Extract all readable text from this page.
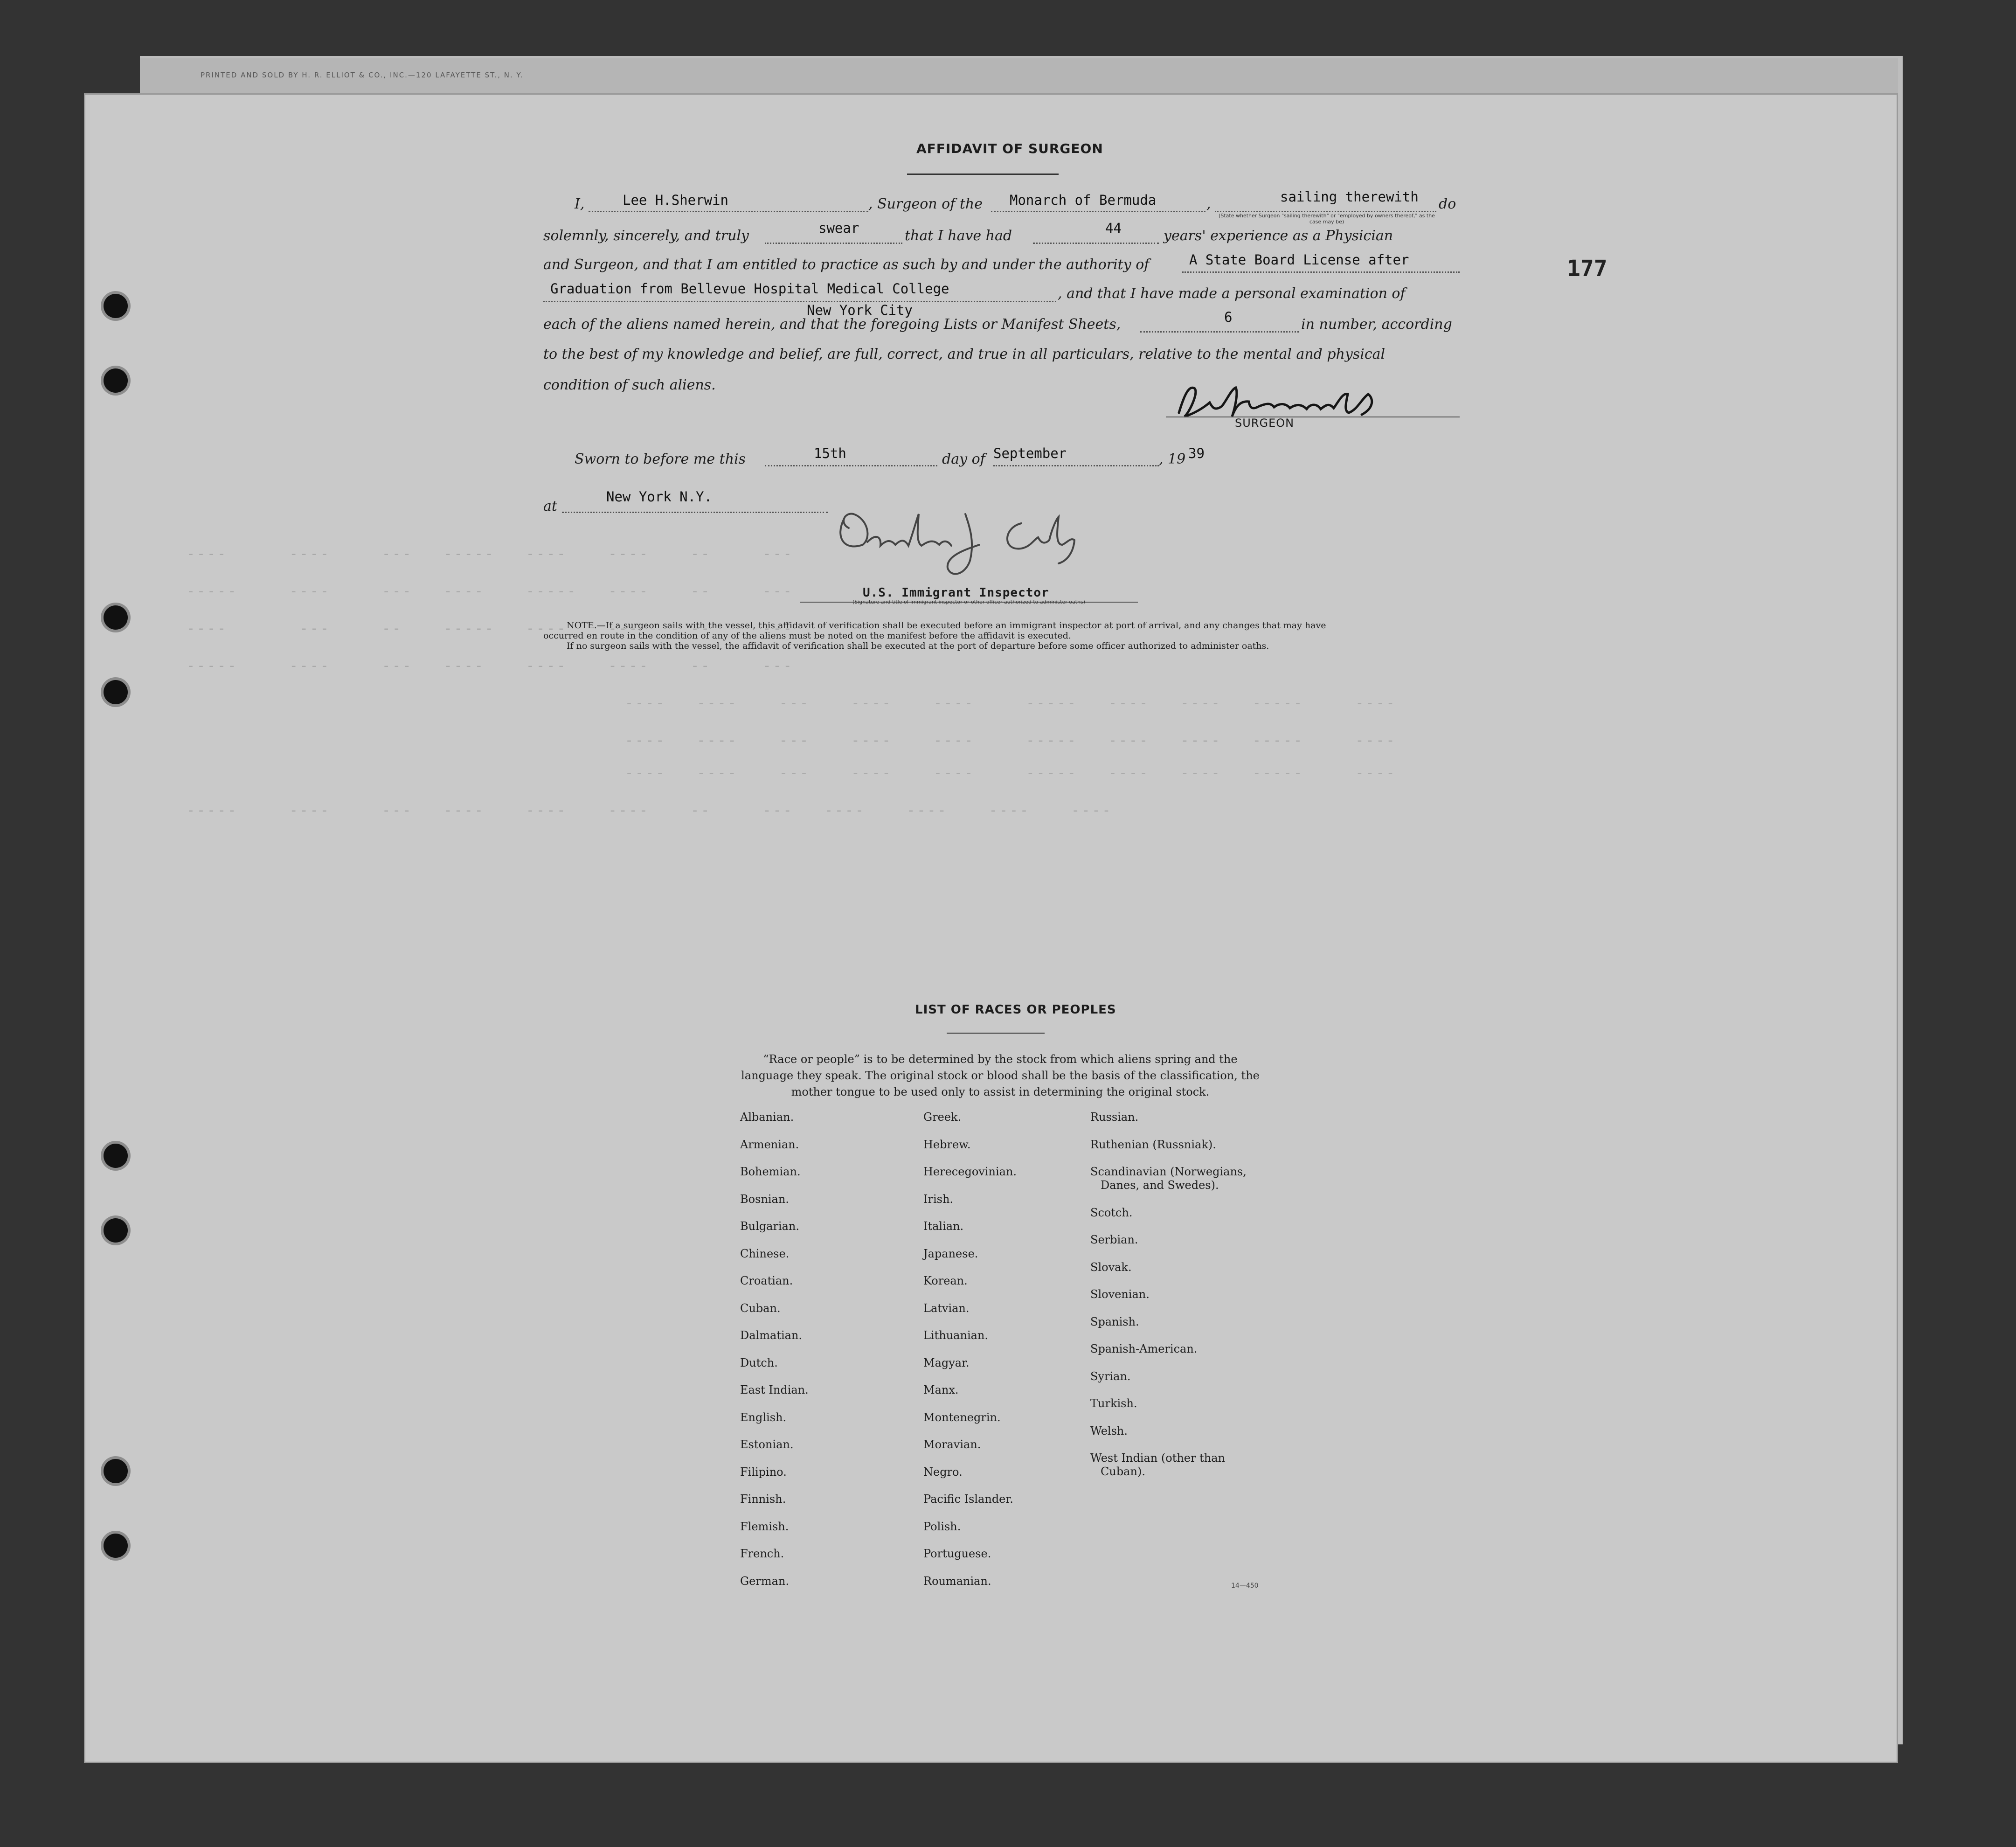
PRINTED AND SOLD BY H. R. ELLIOT & CO., INC.—120 LAFAYETTE ST., N. Y.
----      ----     ---   -----   ----    ----    --     ---
-----     ----     ---   ----    -----   ----    --     ---
----       ---     --    -----   ----    ---     --     ---
-----     ----     ---   ----    ----    ----    --     ---
----   ----    ---    ----    ----     -----   ----   ----   -----     ----
----   ----    ---    ----    ----     -----   ----   ----   -----     ----
----   ----    ---    ----    ----     -----   ----   ----   -----     ----
-----     ----     ---   ----    ----    ----    --     ---   ----    ----    ----    ----
177
AFFIDAVIT OF SURGEON
I,	Lee H.Sherwin	, Surgeon of the Monarch of Bermuda	,	sailing therewith do
(State whether Surgeon "sailing therewith" or "employed by owners thereof," as the case may be)
solemnly, sincerely, and truly	swear	that I have had	44	years' experience as a Physician
and Surgeon, and that I am entitled to practice as such by and under the authority of	A State Board License after
Graduation from Bellevue Hospital Medical College	, and that I have made a personal examination of
New York City
each of the aliens named herein, and that the foregoing Lists or Manifest Sheets,	6	in number, according
to the best of my knowledge and belief, are full, correct, and true in all particulars, relative to the mental and physical
condition of such aliens.
SURGEON
Sworn to before me this	15th	day of September	, 19 39
at
New York N.Y.
U.S. Immigrant Inspector
(Signature and title of immigrant inspector or other officer authorized to administer oaths)
NOTE.—If a surgeon sails with the vessel, this affidavit of verification shall be executed before an immigrant inspector at port of arrival, and any changes that may have
occurred en route in the condition of any of the aliens must be noted on the manifest before the affidavit is executed.
If no surgeon sails with the vessel, the affidavit of verification shall be executed at the port of departure before some officer authorized to administer oaths.
LIST OF RACES OR PEOPLES
“Race or people” is to be determined by the stock from which aliens spring and the language they speak. The original stock or blood shall be the basis of the classification, the mother tongue to be used only to assist in determining the original stock.
Albanian.
Armenian.
Bohemian.
Bosnian.
Bulgarian.
Chinese.
Croatian.
Cuban.
Dalmatian.
Dutch.
East Indian.
English.
Estonian.
Filipino.
Finnish.
Flemish.
French.
German.
Greek.
Hebrew.
Herecegovinian.
Irish.
Italian.
Japanese.
Korean.
Latvian.
Lithuanian.
Magyar.
Manx.
Montenegrin.
Moravian.
Negro.
Pacific Islander.
Polish.
Portuguese.
Roumanian.
Russian.
Ruthenian (Russniak).
Scandinavian (Norwegians,
Danes, and Swedes).
Scotch.
Serbian.
Slovak.
Slovenian.
Spanish.
Spanish-American.
Syrian.
Turkish.
Welsh.
West Indian (other than
Cuban).
14—450
